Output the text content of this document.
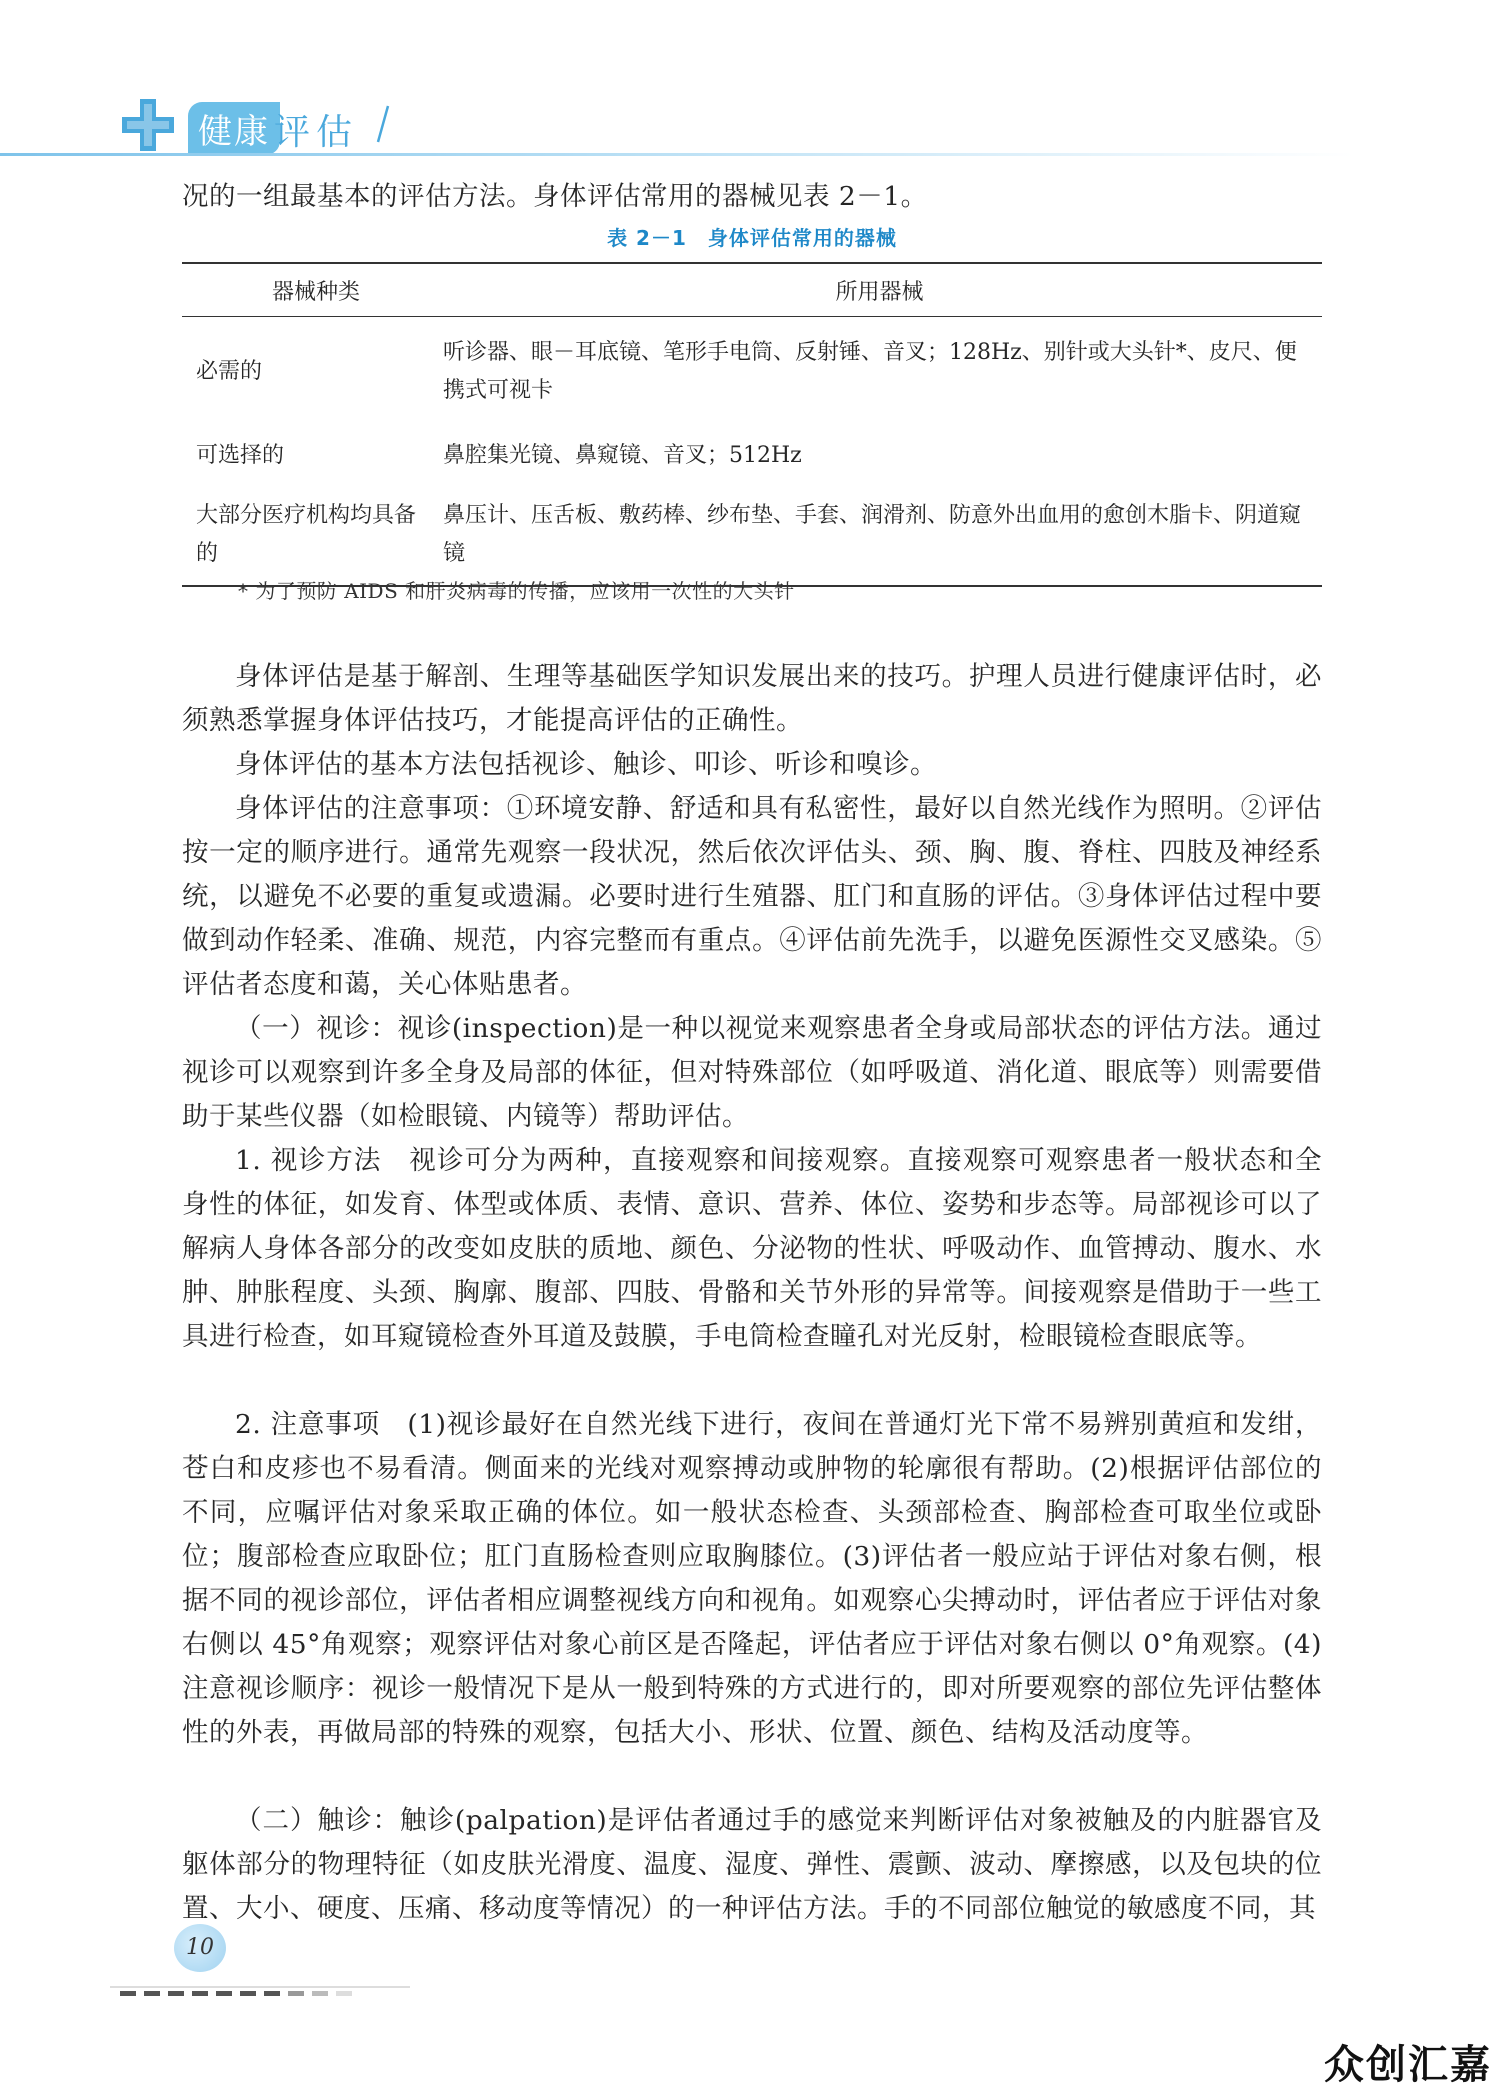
健康 评估

况的一组最基本的评估方法。身体评估常用的器械见表 2－1。

表 2－1　身体评估常用的器械
器械种类	所用器械
必需的	听诊器、眼－耳底镜、笔形手电筒、反射锤、音叉；128Hz、别针或大头针*、皮尺、便携式可视卡
可选择的	鼻腔集光镜、鼻窥镜、音叉；512Hz
大部分医疗机构均具备的	鼻压计、压舌板、敷药棒、纱布垫、手套、润滑剂、防意外出血用的愈创木脂卡、阴道窥镜
* 为了预防 AIDS 和肝炎病毒的传播，应该用一次性的大头针

身体评估是基于解剖、生理等基础医学知识发展出来的技巧。护理人员进行健康评估时，必须熟悉掌握身体评估技巧，才能提高评估的正确性。

身体评估的基本方法包括视诊、触诊、叩诊、听诊和嗅诊。

身体评估的注意事项：①环境安静、舒适和具有私密性，最好以自然光线作为照明。②评估按一定的顺序进行。通常先观察一段状况，然后依次评估头、颈、胸、腹、脊柱、四肢及神经系统，以避免不必要的重复或遗漏。必要时进行生殖器、肛门和直肠的评估。③身体评估过程中要做到动作轻柔、准确、规范，内容完整而有重点。④评估前先洗手，以避免医源性交叉感染。⑤评估者态度和蔼，关心体贴患者。

（一）视诊：视诊(inspection)是一种以视觉来观察患者全身或局部状态的评估方法。通过视诊可以观察到许多全身及局部的体征，但对特殊部位（如呼吸道、消化道、眼底等）则需要借助于某些仪器（如检眼镜、内镜等）帮助评估。

1. 视诊方法　视诊可分为两种，直接观察和间接观察。直接观察可观察患者一般状态和全身性的体征，如发育、体型或体质、表情、意识、营养、体位、姿势和步态等。局部视诊可以了解病人身体各部分的改变如皮肤的质地、颜色、分泌物的性状、呼吸动作、血管搏动、腹水、水肿、肿胀程度、头颈、胸廓、腹部、四肢、骨骼和关节外形的异常等。间接观察是借助于一些工具进行检查，如耳窥镜检查外耳道及鼓膜，手电筒检查瞳孔对光反射，检眼镜检查眼底等。

2. 注意事项　(1)视诊最好在自然光线下进行，夜间在普通灯光下常不易辨别黄疸和发绀，苍白和皮疹也不易看清。侧面来的光线对观察搏动或肿物的轮廓很有帮助。(2)根据评估部位的不同，应嘱评估对象采取正确的体位。如一般状态检查、头颈部检查、胸部检查可取坐位或卧位；腹部检查应取卧位；肛门直肠检查则应取胸膝位。(3)评估者一般应站于评估对象右侧，根据不同的视诊部位，评估者相应调整视线方向和视角。如观察心尖搏动时，评估者应于评估对象右侧以 45°角观察；观察评估对象心前区是否隆起，评估者应于评估对象右侧以 0°角观察。(4)注意视诊顺序：视诊一般情况下是从一般到特殊的方式进行的，即对所要观察的部位先评估整体性的外表，再做局部的特殊的观察，包括大小、形状、位置、颜色、结构及活动度等。

（二）触诊：触诊(palpation)是评估者通过手的感觉来判断评估对象被触及的内脏器官及躯体部分的物理特征（如皮肤光滑度、温度、湿度、弹性、震颤、波动、摩擦感，以及包块的位置、大小、硬度、压痛、移动度等情况）的一种评估方法。手的不同部位触觉的敏感度不同，其

10
众创汇嘉
